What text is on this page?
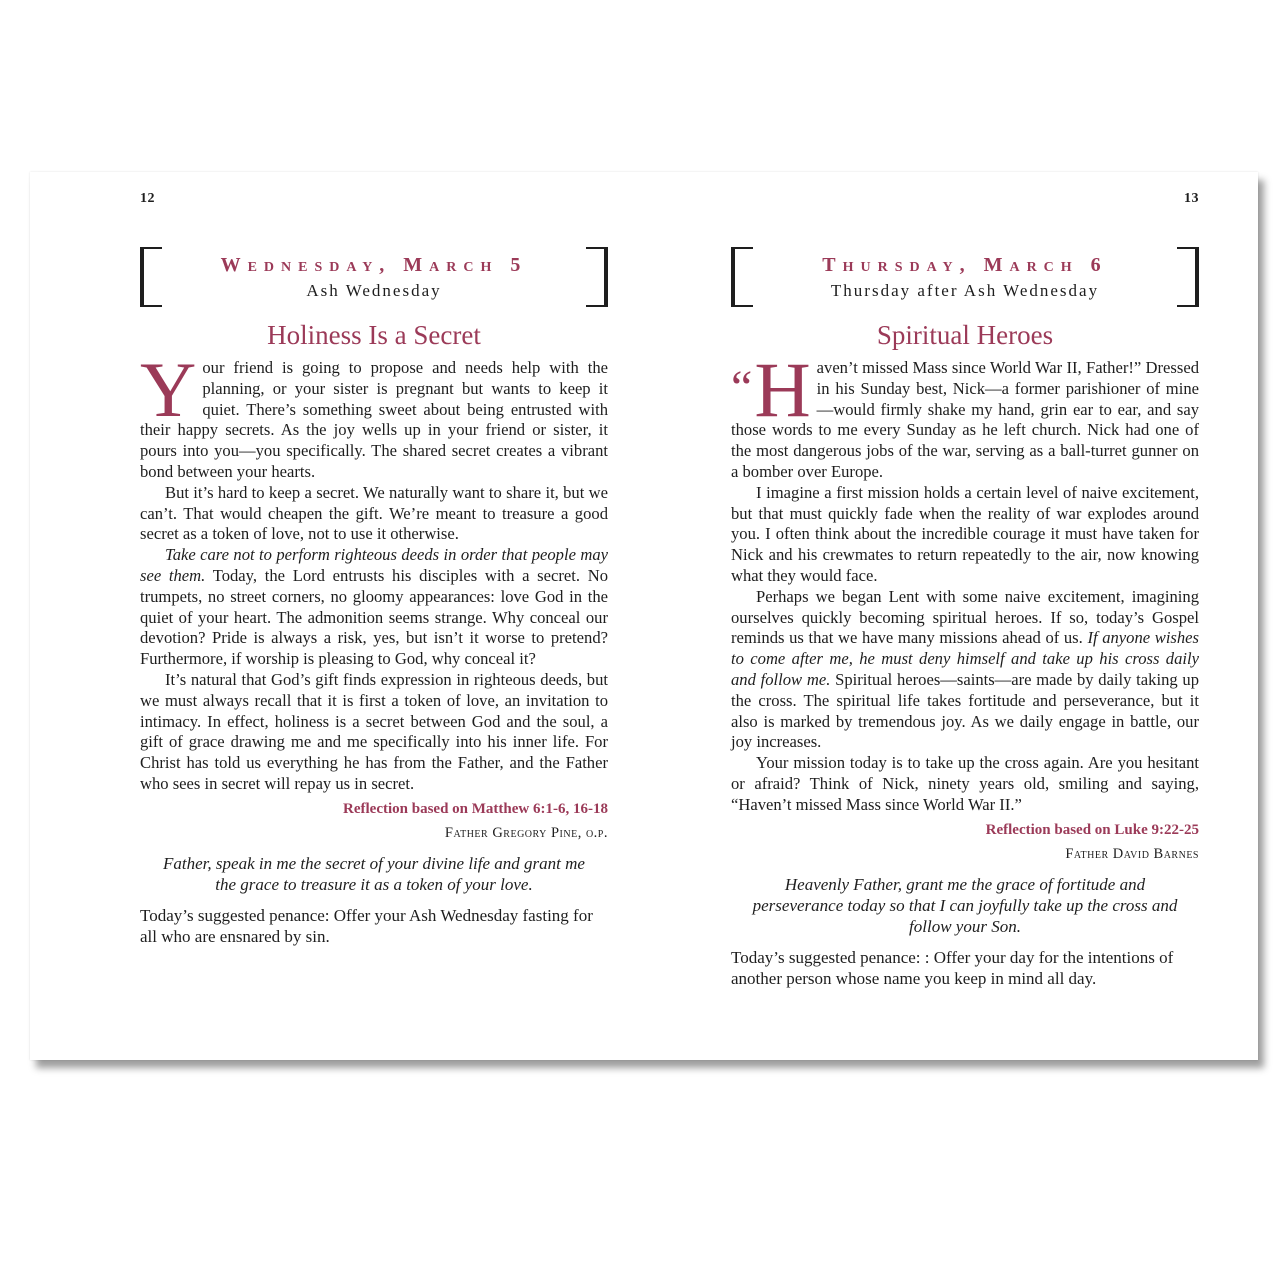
12
Wednesday, March 5
Ash Wednesday
Holiness Is a Secret

Your friend is going to propose and needs help with the planning, or your sister is pregnant but wants to keep it quiet. There’s something sweet about being entrusted with their happy secrets. As the joy wells up in your friend or sister, it pours into you—you specifically. The shared secret creates a vibrant bond between your hearts.

But it’s hard to keep a secret. We naturally want to share it, but we can’t. That would cheapen the gift. We’re meant to treasure a good secret as a token of love, not to use it otherwise.

Take care not to perform righteous deeds in order that people may see them. Today, the Lord entrusts his disciples with a secret. No trumpets, no street corners, no gloomy appearances: love God in the quiet of your heart. The admonition seems strange. Why conceal our devotion? Pride is always a risk, yes, but isn’t it worse to pretend? Furthermore, if worship is pleasing to God, why conceal it?

It’s natural that God’s gift finds expression in righteous deeds, but we must always recall that it is first a token of love, an invitation to intimacy. In effect, holiness is a secret between God and the soul, a gift of grace drawing me and me specifically into his inner life. For Christ has told us everything he has from the Father, and the Father who sees in secret will repay us in secret.

Reflection based on Matthew 6:1-6, 16-18
Father Gregory Pine, o.p.
Father, speak in me the secret of your divine life and grant me the grace to treasure it as a token of your love.
Today’s suggested penance: Offer your Ash Wednesday fasting for all who are ensnared by sin.
13
Thursday, March 6
Thursday after Ash Wednesday
Spiritual Heroes

“H aven’t missed Mass since World War II, Father!” Dressed in his Sunday best, Nick—a former parishioner of mine—would firmly shake my hand, grin ear to ear, and say those words to me every Sunday as he left church. Nick had one of the most dangerous jobs of the war, serving as a ball-turret gunner on a bomber over Europe.

I imagine a first mission holds a certain level of naive excitement, but that must quickly fade when the reality of war explodes around you. I often think about the incredible courage it must have taken for Nick and his crewmates to return repeatedly to the air, now knowing what they would face.

Perhaps we began Lent with some naive excitement, imagining ourselves quickly becoming spiritual heroes. If so, today’s Gospel reminds us that we have many missions ahead of us. If anyone wishes to come after me, he must deny himself and take up his cross daily and follow me. Spiritual heroes—saints—are made by daily taking up the cross. The spiritual life takes fortitude and perseverance, but it also is marked by tremendous joy. As we daily engage in battle, our joy increases.

Your mission today is to take up the cross again. Are you hesitant or afraid? Think of Nick, ninety years old, smiling and saying, “Haven’t missed Mass since World War II.”

Reflection based on Luke 9:22-25
Father David Barnes
Heavenly Father, grant me the grace of fortitude and perseverance today so that I can joyfully take up the cross and follow your Son.
Today’s suggested penance: : Offer your day for the intentions of another person whose name you keep in mind all day.
